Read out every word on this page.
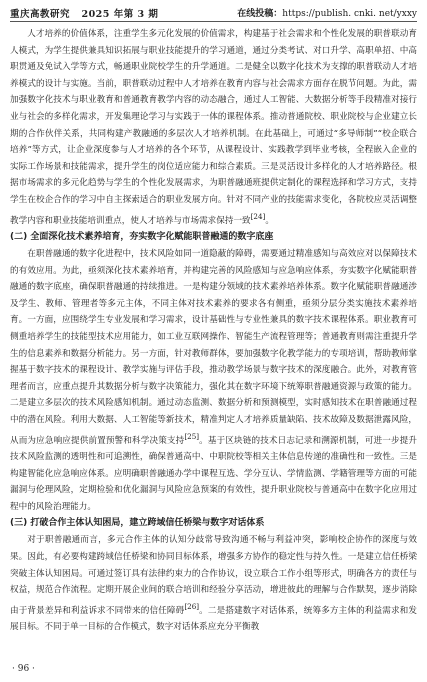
重庆高教研究 2025 年第 3 期	在线投稿：https://publish. cnki. net/yxxy

人才培养的价值体系，注重学生多元化发展的价值需求，构建基于社会需求和个性化发展的职普联动育人模式，为学生提供兼具知识拓展与职业技能提升的学习通道，通过分类考试、对口升学、高职单招、中高职贯通及免试入学等方式，畅通职业院校学生的升学通道。二是健全以数字化技术为支撑的职普联动人才培养模式的设计与实施。当前，职普联动过程中人才培养在教育内容与社会需求方面存在脱节问题。为此，需加强数字化技术与职业教育和普通教育教学内容的动态融合，通过人工智能、大数据分析等手段精准对接行业与社会的多样化需求，开发集理论学习与实践于一体的课程体系。推动普通院校、职业院校与企业建立长期的合作伙伴关系，共同构建产教融通的多层次人才培养机制。在此基础上，可通过“多导师制”“校企联合培养”等方式，让企业深度参与人才培养的各个环节，从课程设计、实践教学到毕业考核，全程嵌入企业的实际工作场景和技能需求，提升学生的岗位适应能力和综合素质。三是灵活设计多样化的人才培养路径。根据市场需求的多元化趋势与学生的个性化发展需求，为职普融通班提供定制化的课程选择和学习方式，支持学生在校企合作的学习中自主探索适合的职业发展方向。针对不同产业的技能需求变化，各院校应灵活调整教学内容和职业技能培训重点，使人才培养与市场需求保持一致[24]。

(二) 全面深化技术素养培育，夯实数字化赋能职普融通的数字底座

在职普融通的数字化进程中，技术风险如同一道隐蔽的障碍，需要通过精准感知与高效应对以保障技术的有效应用。为此，亟须深化技术素养培育，并构建完善的风险感知与应急响应体系，夯实数字化赋能职普融通的数字底座，确保职普融通的持续推进。一是构建分领域的技术素养培养体系。数字化赋能职普融通涉及学生、教师、管理者等多元主体，不同主体对技术素养的要求各有侧重，亟须分层分类实施技术素养培育。一方面，应围绕学生专业发展和学习需求，设计基础性与专业性兼具的数字技术课程体系。职业教育可侧重培养学生的技能型技术应用能力，如工业互联网操作、智能生产流程管理等；普通教育则需注重提升学生的信息素养和数据分析能力。另一方面，针对教师群体，要加强数字化教学能力的专项培训，帮助教师掌握基于数字技术的课程设计、教学实施与评估手段，推动教学场景与数字技术的深度融合。此外，对教育管理者而言，应重点提升其数据分析与数字决策能力，强化其在数字环境下统筹职普融通资源与政策的能力。二是建立多层次的技术风险感知机制。通过动态监测、数据分析和预测模型，实时感知技术在职普融通过程中的潜在风险。利用大数据、人工智能等新技术，精准判定人才培养质量缺陷、技术故障及数据泄露风险，从而为应急响应提供前置预警和科学决策支持[25]。基于区块链的技术日志记录和溯源机制，可进一步提升技术风险监测的透明性和可追溯性，确保普通高中、中职院校等相关主体信息传递的准确性和一致性。三是构建智能化应急响应体系。应明确职普融通办学中课程互选、学分互认、学情监测、学籍管理等方面的可能漏洞与伦理风险，定期检验和优化漏洞与风险应急预案的有效性，提升职业院校与普通高中在数字化应用过程中的风险治理能力。

(三) 打破合作主体认知困局，建立跨域信任桥梁与数字对话体系

对于职普融通而言，多元合作主体的认知分歧常导致沟通不畅与利益冲突，影响校企协作的深度与效果。因此，有必要构建跨域信任桥梁和协同目标体系，增强多方协作的稳定性与持久性。一是建立信任桥梁突破主体认知困局。可通过签订具有法律约束力的合作协议，设立联合工作小组等形式，明确各方的责任与权益，规范合作流程。定期开展企业间的联合培训和经验分享活动，增进彼此的理解与合作默契，逐步消除由于背景差异和利益诉求不同带来的信任障碍[26]。二是搭建数字对话体系，统筹多方主体的利益需求和发展目标。不同于单一目标的合作模式，数字对话体系应充分平衡教

· 96 ·
